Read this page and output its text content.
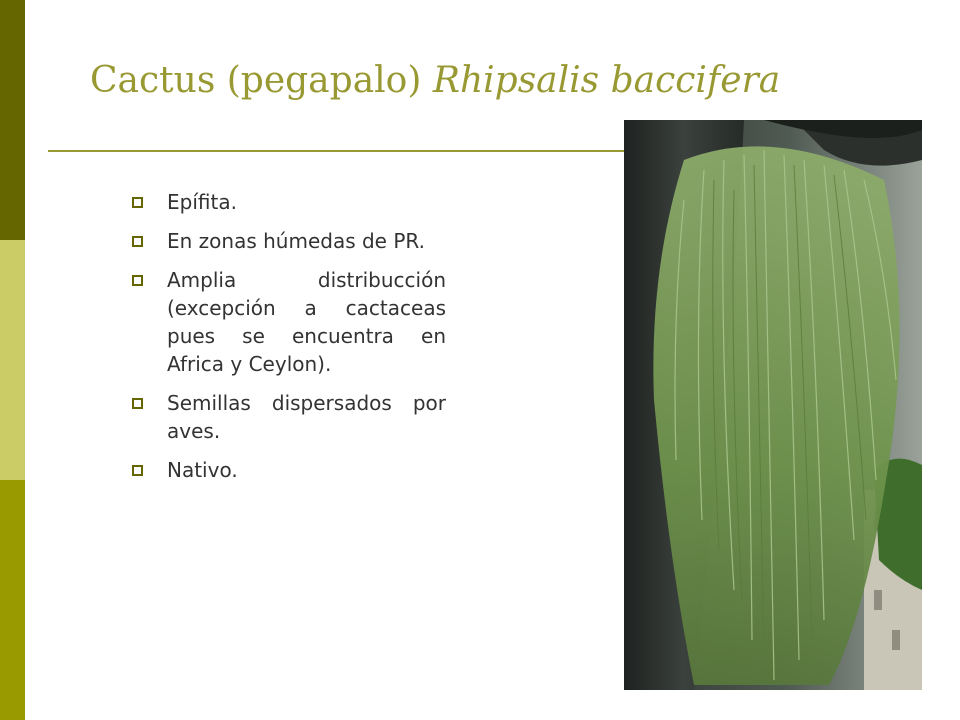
Cactus (pegapalo) Rhipsalis baccifera
Epífita.
En zonas húmedas de PR.
Amplia distribucción (excepción a cactaceas pues se encuentra en Africa y Ceylon).
Semillas dispersados por aves.
Nativo.
